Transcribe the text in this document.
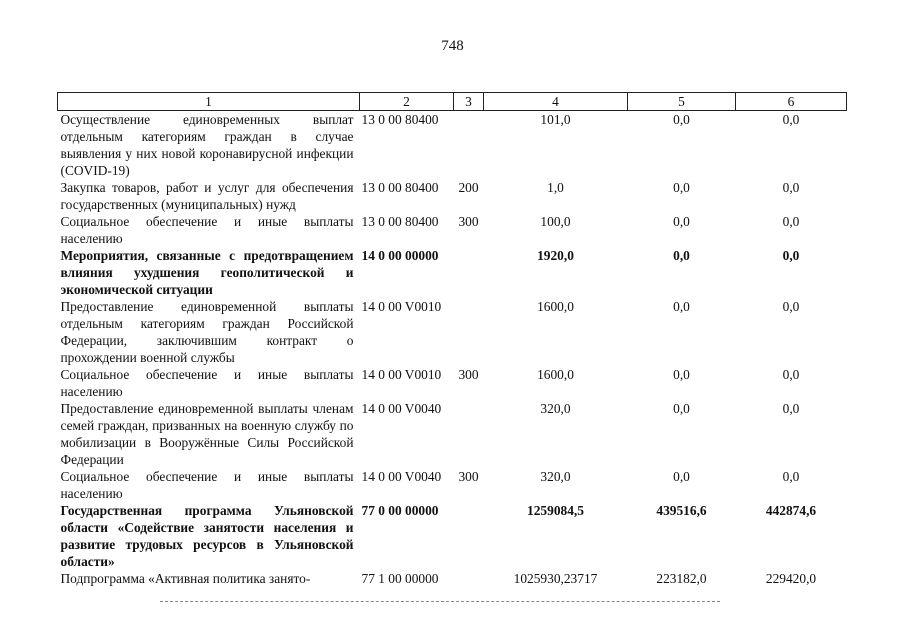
748
1	2	3	4	5	6
Осуществление единовременных выплат отдельным категориям граждан в случае выявления у них новой коронавирусной инфекции (COVID-19)	13 0 00 80400		101,0	0,0	0,0
Закупка товаров, работ и услуг для обеспечения государственных (муниципальных) нужд	13 0 00 80400	200	1,0	0,0	0,0
Социальное обеспечение и иные выплаты населению	13 0 00 80400	300	100,0	0,0	0,0
Мероприятия, связанные с предотвращением влияния ухудшения геополитической и экономической ситуации	14 0 00 00000		1920,0	0,0	0,0
Предоставление единовременной выплаты отдельным категориям граждан Российской Федерации, заключившим контракт о прохождении военной службы	14 0 00 V0010		1600,0	0,0	0,0
Социальное обеспечение и иные выплаты населению	14 0 00 V0010	300	1600,0	0,0	0,0
Предоставление единовременной выплаты членам семей граждан, призванных на военную службу по мобилизации в Вооружённые Силы Российской Федерации	14 0 00 V0040		320,0	0,0	0,0
Социальное обеспечение и иные выплаты населению	14 0 00 V0040	300	320,0	0,0	0,0
Государственная программа Ульяновской области «Содействие занятости населения и развитие трудовых ресурсов в Ульяновской области»	77 0 00 00000		1259084,5	439516,6	442874,6
Подпрограмма «Активная политика занято-	77 1 00 00000		1025930,23717	223182,0	229420,0
